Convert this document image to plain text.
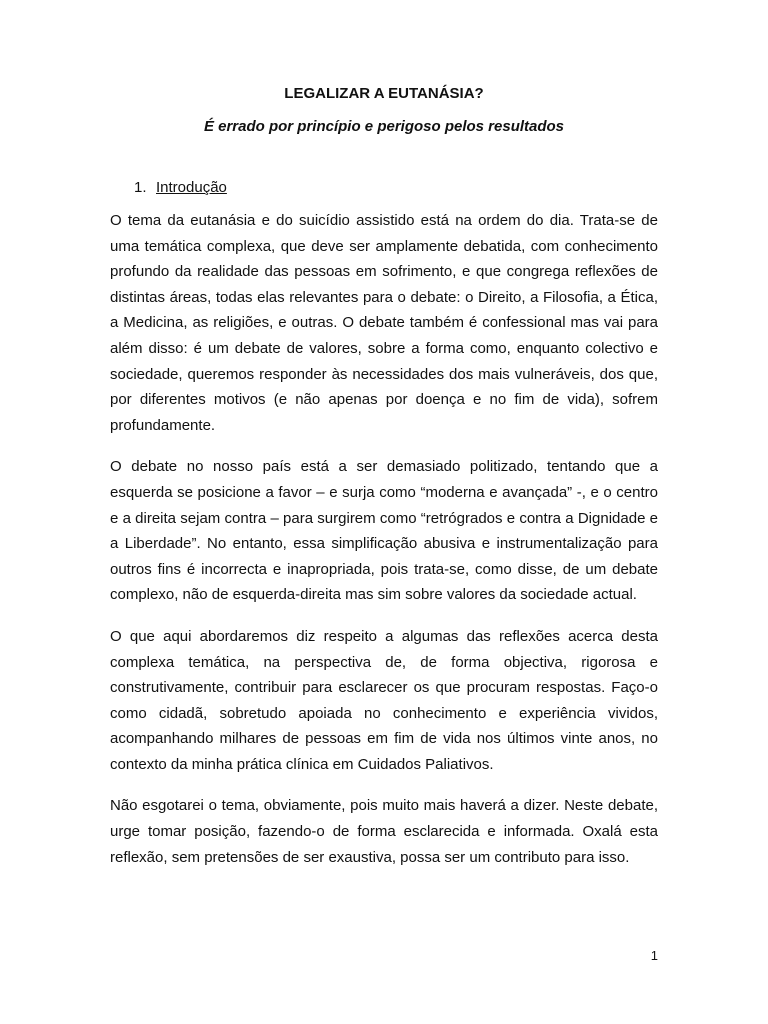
LEGALIZAR A EUTANÁSIA?
É errado por princípio e perigoso pelos resultados
1. Introdução

O tema da eutanásia e do suicídio assistido está na ordem do dia. Trata-se de uma temática complexa, que deve ser amplamente debatida, com conhecimento profundo da realidade das pessoas em sofrimento, e que congrega reflexões de distintas áreas, todas elas relevantes para o debate: o Direito, a Filosofia, a Ética, a Medicina, as religiões, e outras. O debate também é confessional mas vai para além disso: é um debate de valores, sobre a forma como, enquanto colectivo e sociedade, queremos responder às necessidades dos mais vulneráveis, dos que, por diferentes motivos (e não apenas por doença e no fim de vida), sofrem profundamente.

O debate no nosso país está a ser demasiado politizado, tentando que a esquerda se posicione a favor – e surja como “moderna e avançada” -, e o centro e a direita sejam contra – para surgirem como “retrógrados e contra a Dignidade e a Liberdade”. No entanto, essa simplificação abusiva e instrumentalização para outros fins é incorrecta e inapropriada, pois trata-se, como disse, de um debate complexo, não de esquerda-direita mas sim sobre valores da sociedade actual.

O que aqui abordaremos diz respeito a algumas das reflexões acerca desta complexa temática, na perspectiva de, de forma objectiva, rigorosa e construtivamente, contribuir para esclarecer os que procuram respostas. Faço-o como cidadã, sobretudo apoiada no conhecimento e experiência vividos, acompanhando milhares de pessoas em fim de vida nos últimos vinte anos, no contexto da minha prática clínica em Cuidados Paliativos.

Não esgotarei o tema, obviamente, pois muito mais haverá a dizer. Neste debate, urge tomar posição, fazendo-o de forma esclarecida e informada. Oxalá esta reflexão, sem pretensões de ser exaustiva, possa ser um contributo para isso.

1
